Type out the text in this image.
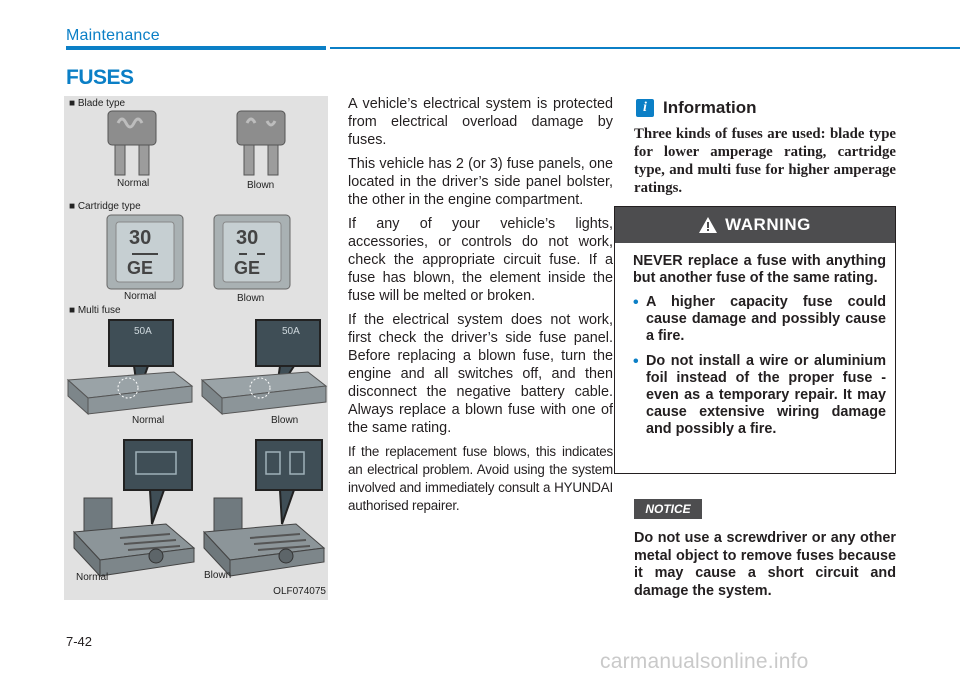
Maintenance
FUSES
■ Blade type
Normal	Blown
■ Cartridge type
30
GE
Normal
30
GE
Blown
■ Multi fuse
50A
Normal
50A
Blown
Normal	Blown
OLF074075

A vehicle’s electrical system is protected from electrical overload damage by fuses.

This vehicle has 2 (or 3) fuse panels, one located in the driver’s side panel bolster, the other in the engine compartment.

If any of your vehicle’s lights, accessories, or controls do not work, check the appropriate circuit fuse. If a fuse has blown, the element inside the fuse will be melted or broken.

If the electrical system does not work, first check the driver’s side fuse panel. Before replacing a blown fuse, turn the engine and all switches off, and then disconnect the negative battery cable. Always replace a blown fuse with one of the same rating.

If the replacement fuse blows, this indicates an electrical problem. Avoid using the system involved and immediately consult a HYUNDAI authorised repairer.

i Information
Three kinds of fuses are used: blade type for lower amperage rating, cartridge type, and multi fuse for higher amperage ratings.
WARNING

NEVER replace a fuse with anything but another fuse of the same rating.

• A higher capacity fuse could cause damage and possibly cause a fire.
• Do not install a wire or aluminium foil instead of the proper fuse - even as a temporary repair. It may cause extensive wiring damage and possibly a fire.
NOTICE
Do not use a screwdriver or any other metal object to remove fuses because it may cause a short circuit and damage the system.
7-42
carmanualsonline.info
